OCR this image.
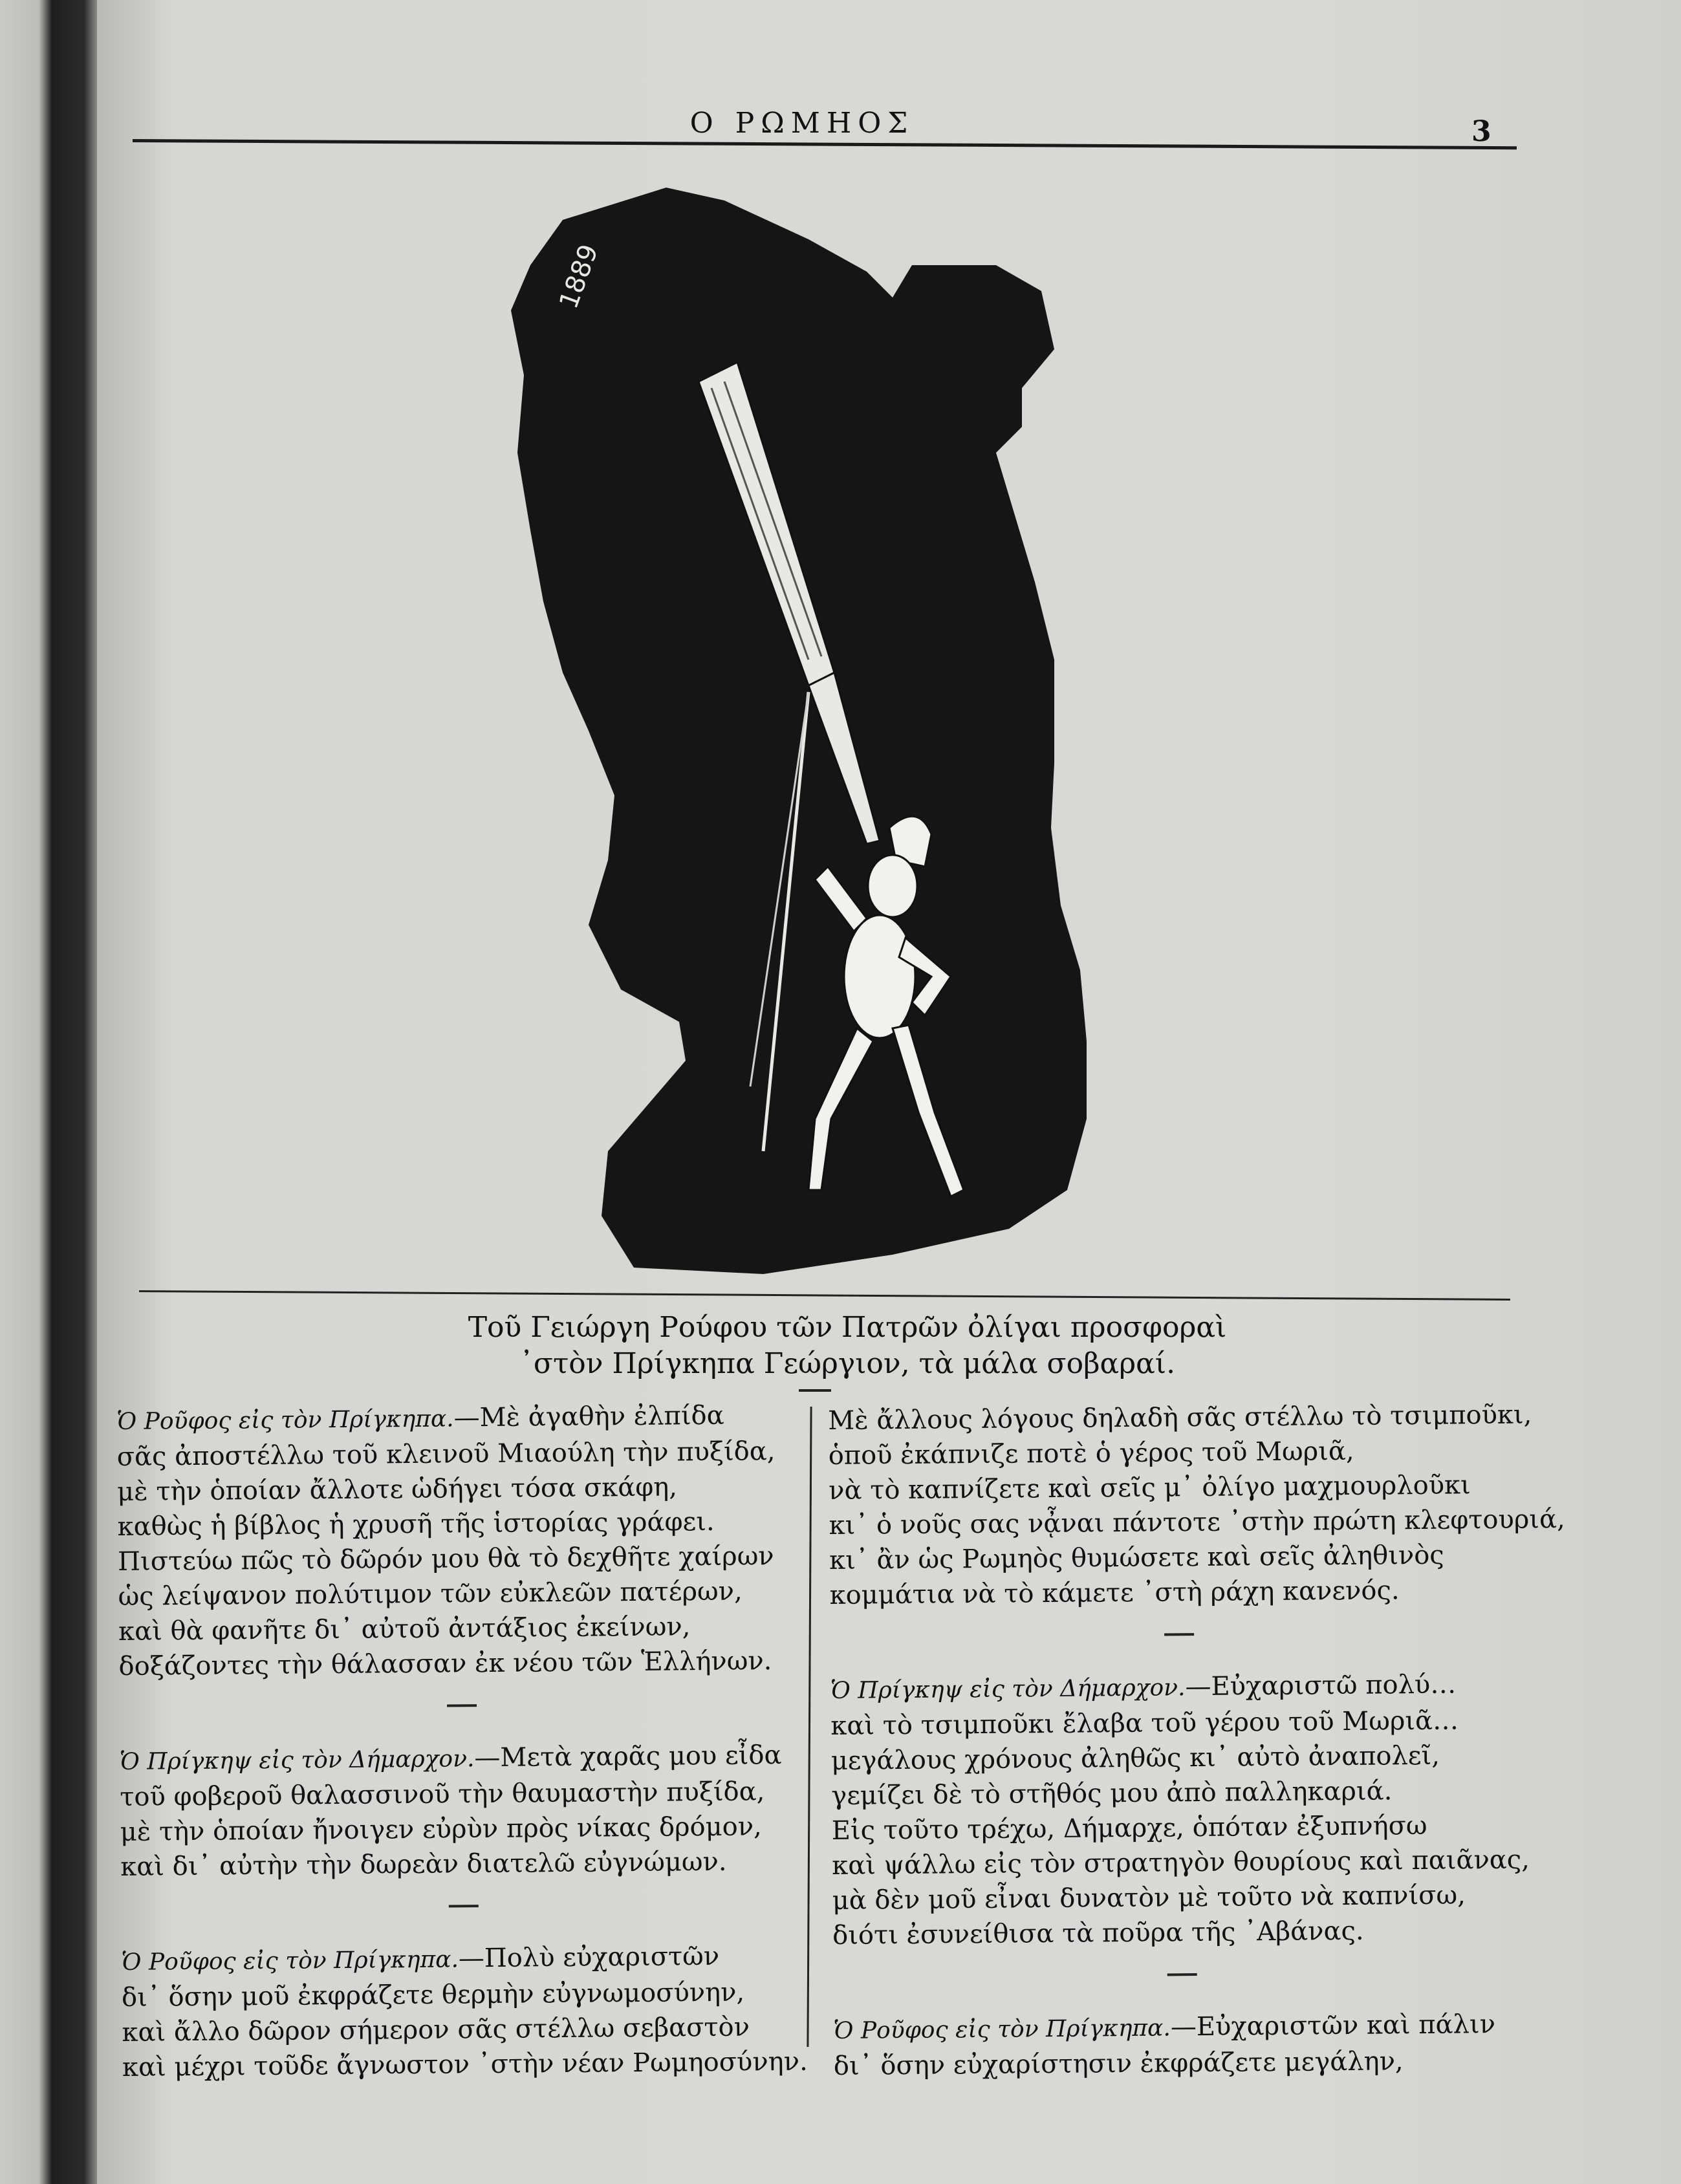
Ο ΡΩΜΗΟΣ	3
1889
Τοῦ Γειώργη Ρούφου τῶν Πατρῶν ὀλίγαι προσφοραὶ
᾽στὸν Πρίγκηπα Γεώργιον, τὰ μάλα σοβαραί.
Ὁ Ροῦφος εἰς τὸν Πρίγκηπα.—Μὲ ἀγαθὴν ἐλπίδα
σᾶς ἀποστέλλω τοῦ κλεινοῦ Μιαούλη τὴν πυξίδα,
μὲ τὴν ὁποίαν ἄλλοτε ὡδήγει τόσα σκάφη,
καθὼς ἡ βίβλος ἡ χρυσῆ τῆς ἱστορίας γράφει.
Πιστεύω πῶς τὸ δῶρόν μου θὰ τὸ δεχθῆτε χαίρων
ὡς λείψανον πολύτιμον τῶν εὐκλεῶν πατέρων,
καὶ θὰ φανῆτε δι᾽ αὐτοῦ ἀντάξιος ἐκείνων,
δοξάζοντες τὴν θάλασσαν ἐκ νέου τῶν Ἑλλήνων.
Ὁ Πρίγκηψ εἰς τὸν Δήμαρχον.—Μετὰ χαρᾶς μου εἶδα
τοῦ φοβεροῦ θαλασσινοῦ τὴν θαυμαστὴν πυξίδα,
μὲ τὴν ὁποίαν ἤνοιγεν εὐρὺν πρὸς νίκας δρόμον,
καὶ δι᾽ αὐτὴν τὴν δωρεὰν διατελῶ εὐγνώμων.
Ὁ Ροῦφος εἰς τὸν Πρίγκηπα.—Πολὺ εὐχαριστῶν
δι᾽ ὅσην μοῦ ἐκφράζετε θερμὴν εὐγνωμοσύνην,
καὶ ἄλλο δῶρον σήμερον σᾶς στέλλω σεβαστὸν
καὶ μέχρι τοῦδε ἄγνωστον ᾽στὴν νέαν Ρωμηοσύνην.
Μὲ ἄλλους λόγους δηλαδὴ σᾶς στέλλω τὸ τσιμποῦκι,
ὁποῦ ἐκάπνιζε ποτὲ ὁ γέρος τοῦ Μωριᾶ,
νὰ τὸ καπνίζετε καὶ σεῖς μ᾽ ὀλίγο μαχμουρλοῦκι
κι᾽ ὁ νοῦς σας νᾆναι πάντοτε ᾽στὴν πρώτη κλεφτουριά,
κι᾽ ἂν ὡς Ρωμηὸς θυμώσετε καὶ σεῖς ἀληθινὸς
κομμάτια νὰ τὸ κάμετε ᾽στὴ ράχη κανενός.
Ὁ Πρίγκηψ εἰς τὸν Δήμαρχον.—Εὐχαριστῶ πολύ…
καὶ τὸ τσιμποῦκι ἔλαβα τοῦ γέρου τοῦ Μωριᾶ…
μεγάλους χρόνους ἀληθῶς κι᾽ αὐτὸ ἀναπολεῖ,
γεμίζει δὲ τὸ στῆθός μου ἀπὸ παλληκαριά.
Εἰς τοῦτο τρέχω, Δήμαρχε, ὁπόταν ἐξυπνήσω
καὶ ψάλλω εἰς τὸν στρατηγὸν θουρίους καὶ παιᾶνας,
μὰ δὲν μοῦ εἶναι δυνατὸν μὲ τοῦτο νὰ καπνίσω,
διότι ἐσυνείθισα τὰ ποῦρα τῆς ᾽Αβάνας.
Ὁ Ροῦφος εἰς τὸν Πρίγκηπα.—Εὐχαριστῶν καὶ πάλιν
δι᾽ ὅσην εὐχαρίστησιν ἐκφράζετε μεγάλην,
